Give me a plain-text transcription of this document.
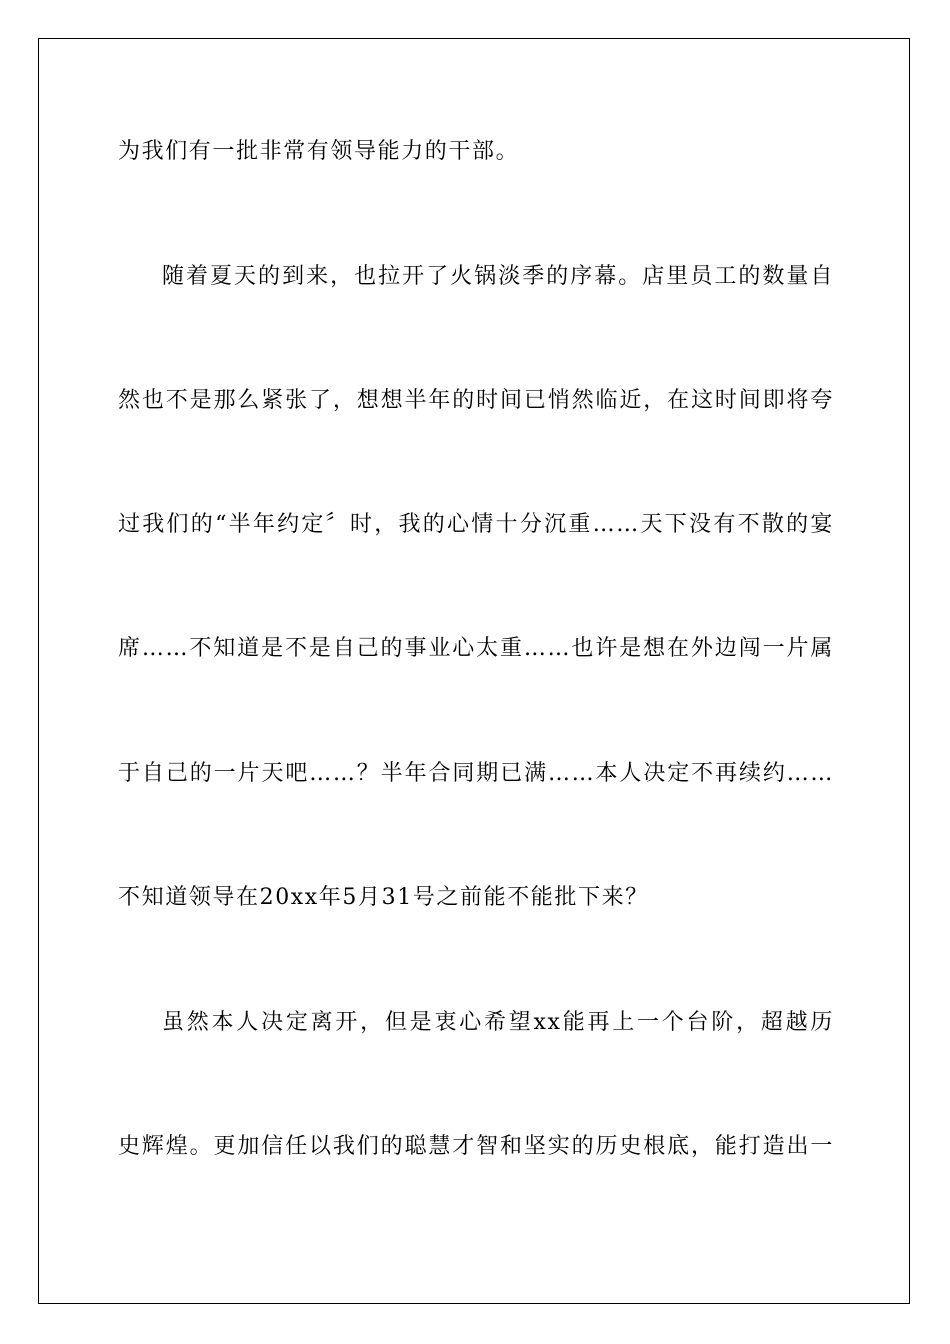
为我们有一批非常有领导能力的干部。
随着夏天的到来，也拉开了火锅淡季的序幕。店里员工的数量自
然也不是那么紧张了，想想半年的时间已悄然临近，在这时间即将夸
过我们的“半年约定〞时，我的心情十分沉重……天下没有不散的宴
席……不知道是不是自己的事业心太重……也许是想在外边闯一片属
于自己的一片天吧……？半年合同期已满……本人决定不再续约……
不知道领导在20xx年5月31号之前能不能批下来？
虽然本人决定离开，但是衷心希望xx能再上一个台阶，超越历
史辉煌。更加信任以我们的聪慧才智和坚实的历史根底，能打造出一
